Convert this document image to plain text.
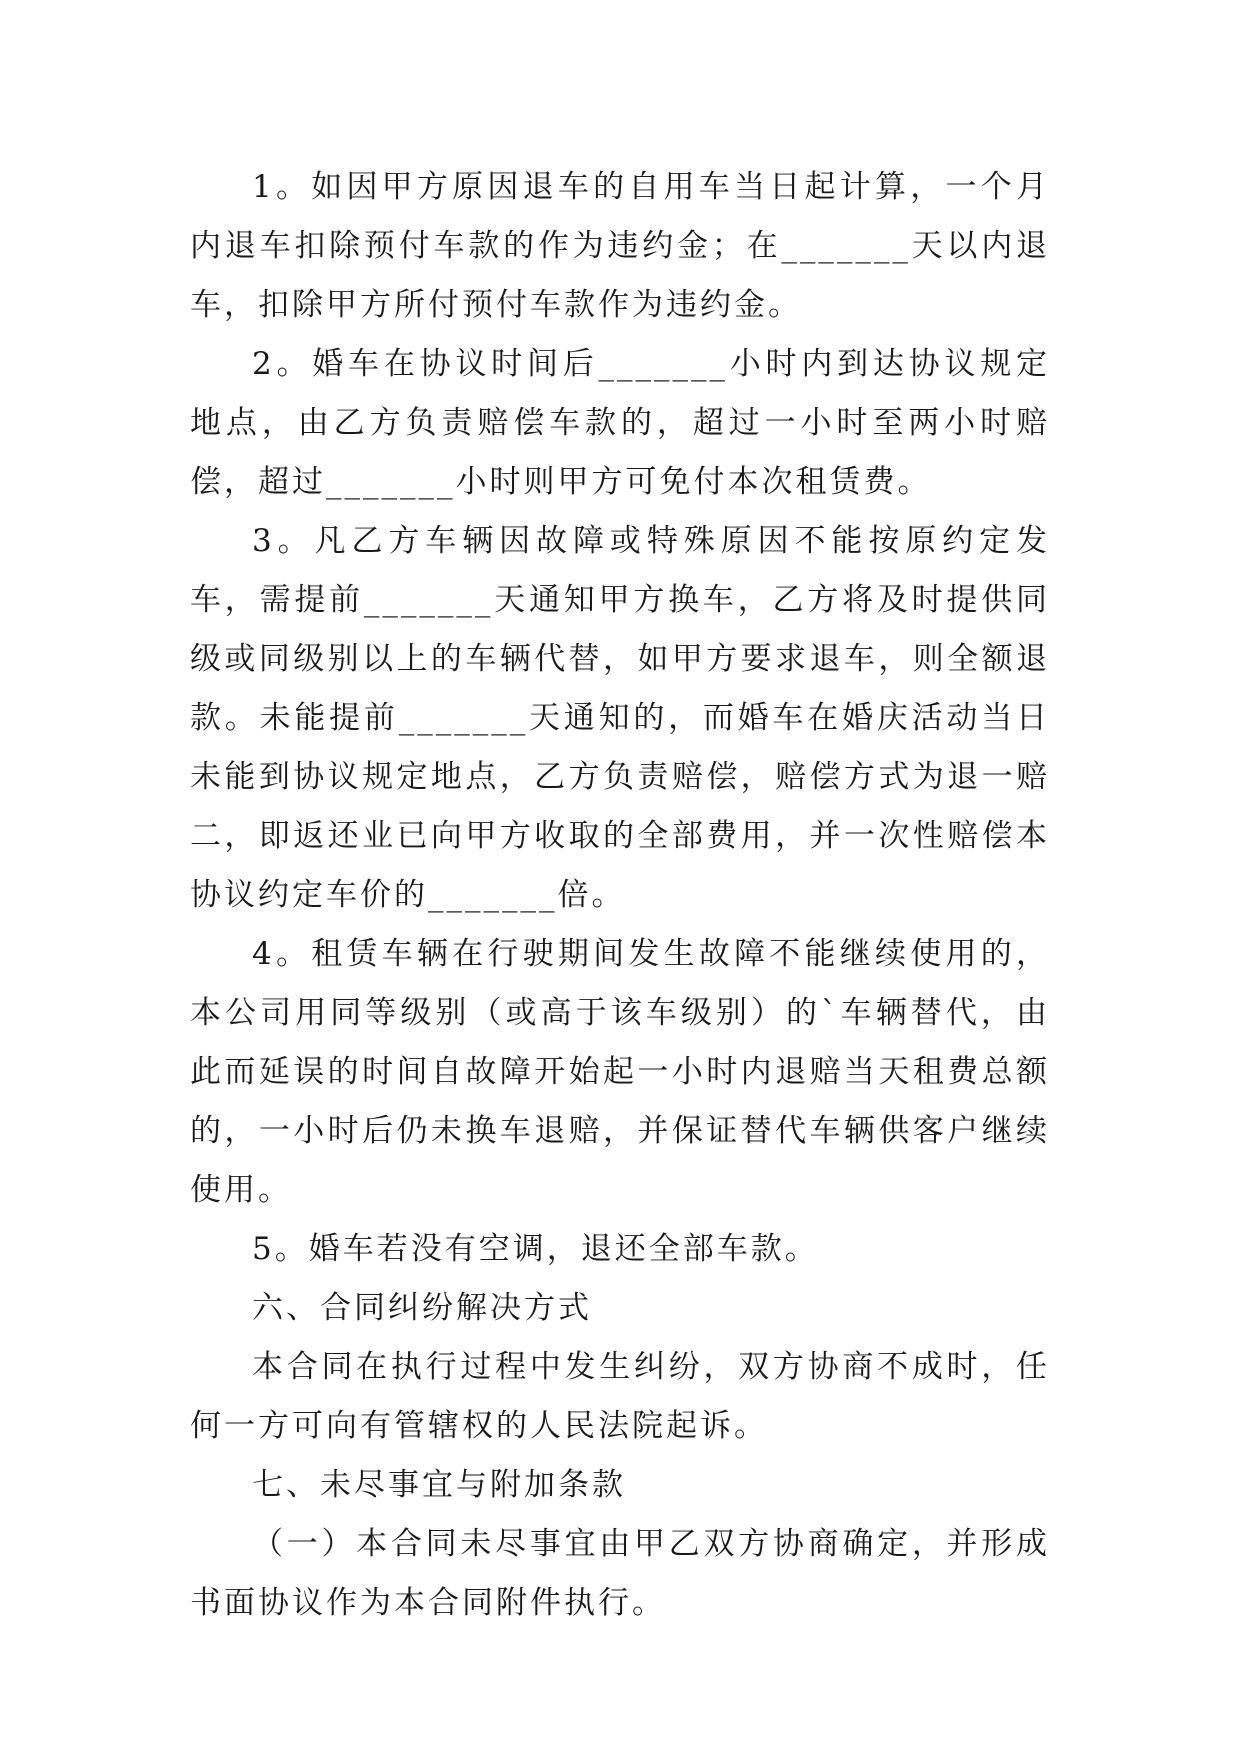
1。如因甲方原因退车的自用车当日起计算，一个月内退车扣除预付车款的作为违约金；在_______天以内退车，扣除甲方所付预付车款作为违约金。

2。婚车在协议时间后_______小时内到达协议规定地点，由乙方负责赔偿车款的，超过一小时至两小时赔偿，超过_______小时则甲方可免付本次租赁费。

3。凡乙方车辆因故障或特殊原因不能按原约定发车，需提前_______天通知甲方换车，乙方将及时提供同级或同级别以上的车辆代替，如甲方要求退车，则全额退款。未能提前_______天通知的，而婚车在婚庆活动当日未能到协议规定地点，乙方负责赔偿，赔偿方式为退一赔二，即返还业已向甲方收取的全部费用，并一次性赔偿本协议约定车价的_______倍。

4。租赁车辆在行驶期间发生故障不能继续使用的，本公司用同等级别（或高于该车级别）的`车辆替代，由此而延误的时间自故障开始起一小时内退赔当天租费总额的，一小时后仍未换车退赔，并保证替代车辆供客户继续使用。

5。婚车若没有空调，退还全部车款。

六、合同纠纷解决方式

本合同在执行过程中发生纠纷，双方协商不成时，任何一方可向有管辖权的人民法院起诉。

七、未尽事宜与附加条款

（一）本合同未尽事宜由甲乙双方协商确定，并形成书面协议作为本合同附件执行。
